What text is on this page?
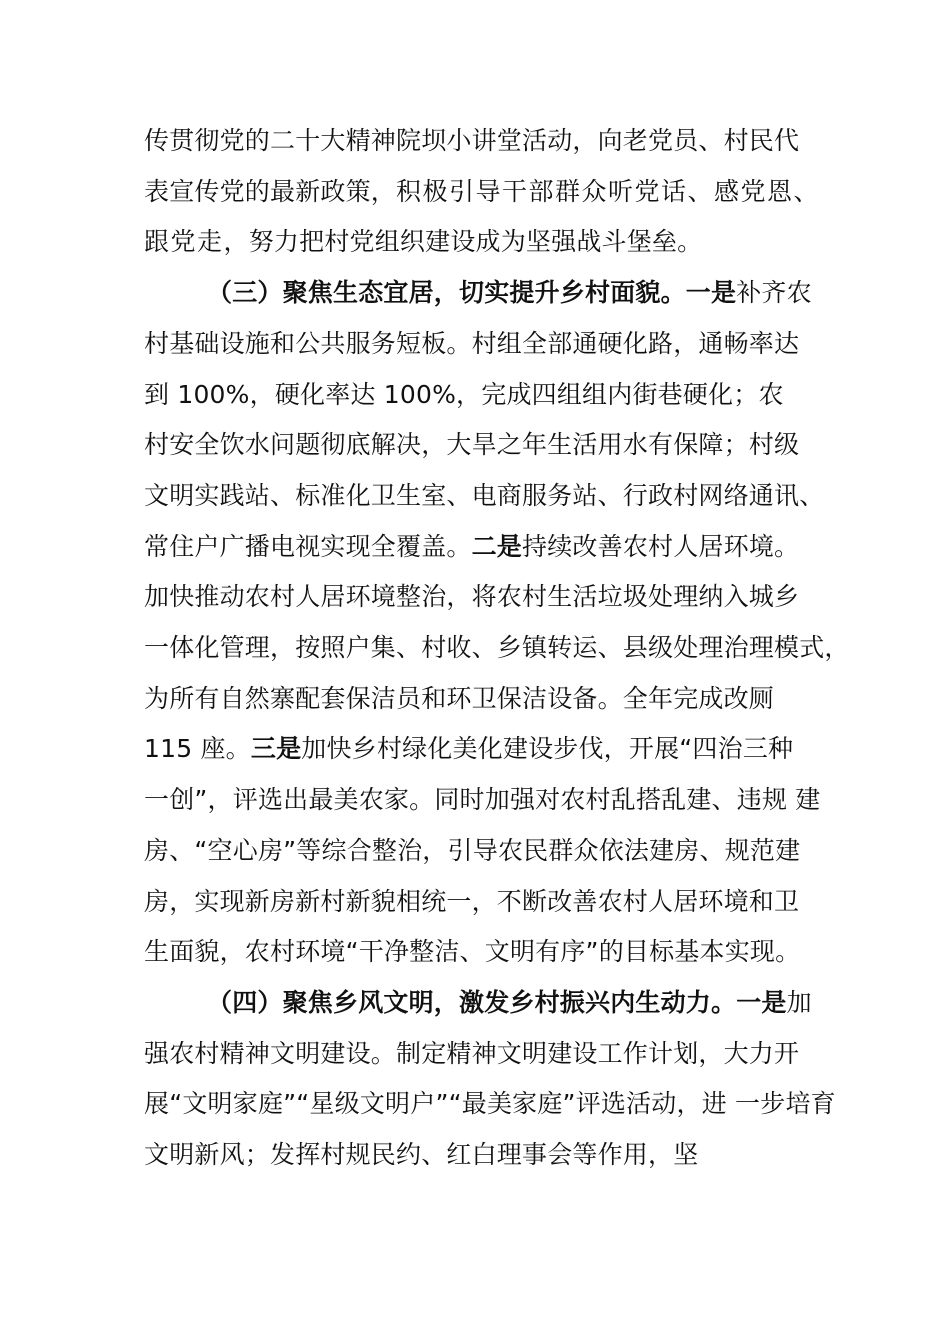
传贯彻党的二十大精神院坝小讲堂活动，向老党员、村民代
表宣传党的最新政策，积极引导干部群众听党话、感党恩、
跟党走，努力把村党组织建设成为坚强战斗堡垒。
（三）聚焦生态宜居，切实提升乡村面貌。一是补齐农
村基础设施和公共服务短板。村组全部通硬化路，通畅率达
到 100%，硬化率达 100%，完成四组组内街巷硬化；农
村安全饮水问题彻底解决，大旱之年生活用水有保障；村级
文明实践站、标准化卫生室、电商服务站、行政村网络通讯、
常住户广播电视实现全覆盖。二是持续改善农村人居环境。
加快推动农村人居环境整治，将农村生活垃圾处理纳入城乡
一体化管理，按照户集、村收、乡镇转运、县级处理治理模式，
为所有自然寨配套保洁员和环卫保洁设备。全年完成改厕
115 座。三是加快乡村绿化美化建设步伐，开展“四治三种
一创”，评选出最美农家。同时加强对农村乱搭乱建、违规 建
房、“空心房”等综合整治，引导农民群众依法建房、规范建
房，实现新房新村新貌相统一，不断改善农村人居环境和卫
生面貌，农村环境“干净整洁、文明有序”的目标基本实现。
（四）聚焦乡风文明，激发乡村振兴内生动力。一是加
强农村精神文明建设。制定精神文明建设工作计划，大力开
展“文明家庭”“星级文明户”“最美家庭”评选活动，进 一步培育
文明新风；发挥村规民约、红白理事会等作用，坚
